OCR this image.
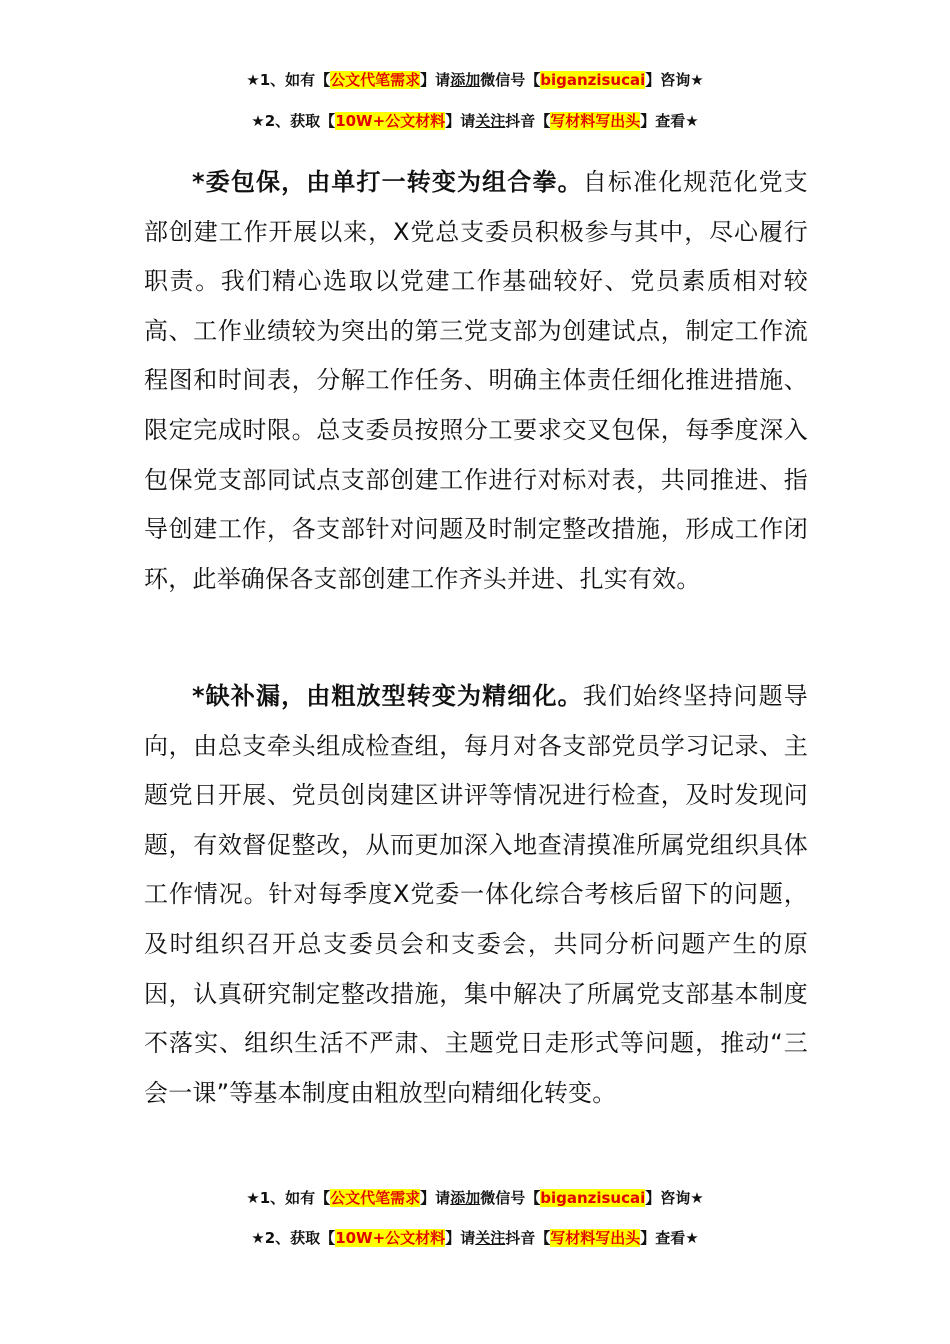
★1、如有【公文代笔需求】请添加微信号【biganzisucai】咨询★
★2、获取【10W+公文材料】请关注抖音【写材料写出头】查看★

*委包保，由单打一转变为组合拳。自标准化规范化党支部创建工作开展以来，X党总支委员积极参与其中，尽心履行职责。我们精心选取以党建工作基础较好、党员素质相对较高、工作业绩较为突出的第三党支部为创建试点，制定工作流程图和时间表，分解工作任务、明确主体责任细化推进措施、限定完成时限。总支委员按照分工要求交叉包保，每季度深入包保党支部同试点支部创建工作进行对标对表，共同推进、指导创建工作，各支部针对问题及时制定整改措施，形成工作闭环，此举确保各支部创建工作齐头并进、扎实有效。

*缺补漏，由粗放型转变为精细化。我们始终坚持问题导向，由总支牵头组成检查组，每月对各支部党员学习记录、主题党日开展、党员创岗建区讲评等情况进行检查，及时发现问题，有效督促整改，从而更加深入地查清摸准所属党组织具体工作情况。针对每季度X党委一体化综合考核后留下的问题，及时组织召开总支委员会和支委会，共同分析问题产生的原因，认真研究制定整改措施，集中解决了所属党支部基本制度不落实、组织生活不严肃、主题党日走形式等问题，推动“三会一课”等基本制度由粗放型向精细化转变。

★1、如有【公文代笔需求】请添加微信号【biganzisucai】咨询★
★2、获取【10W+公文材料】请关注抖音【写材料写出头】查看★
